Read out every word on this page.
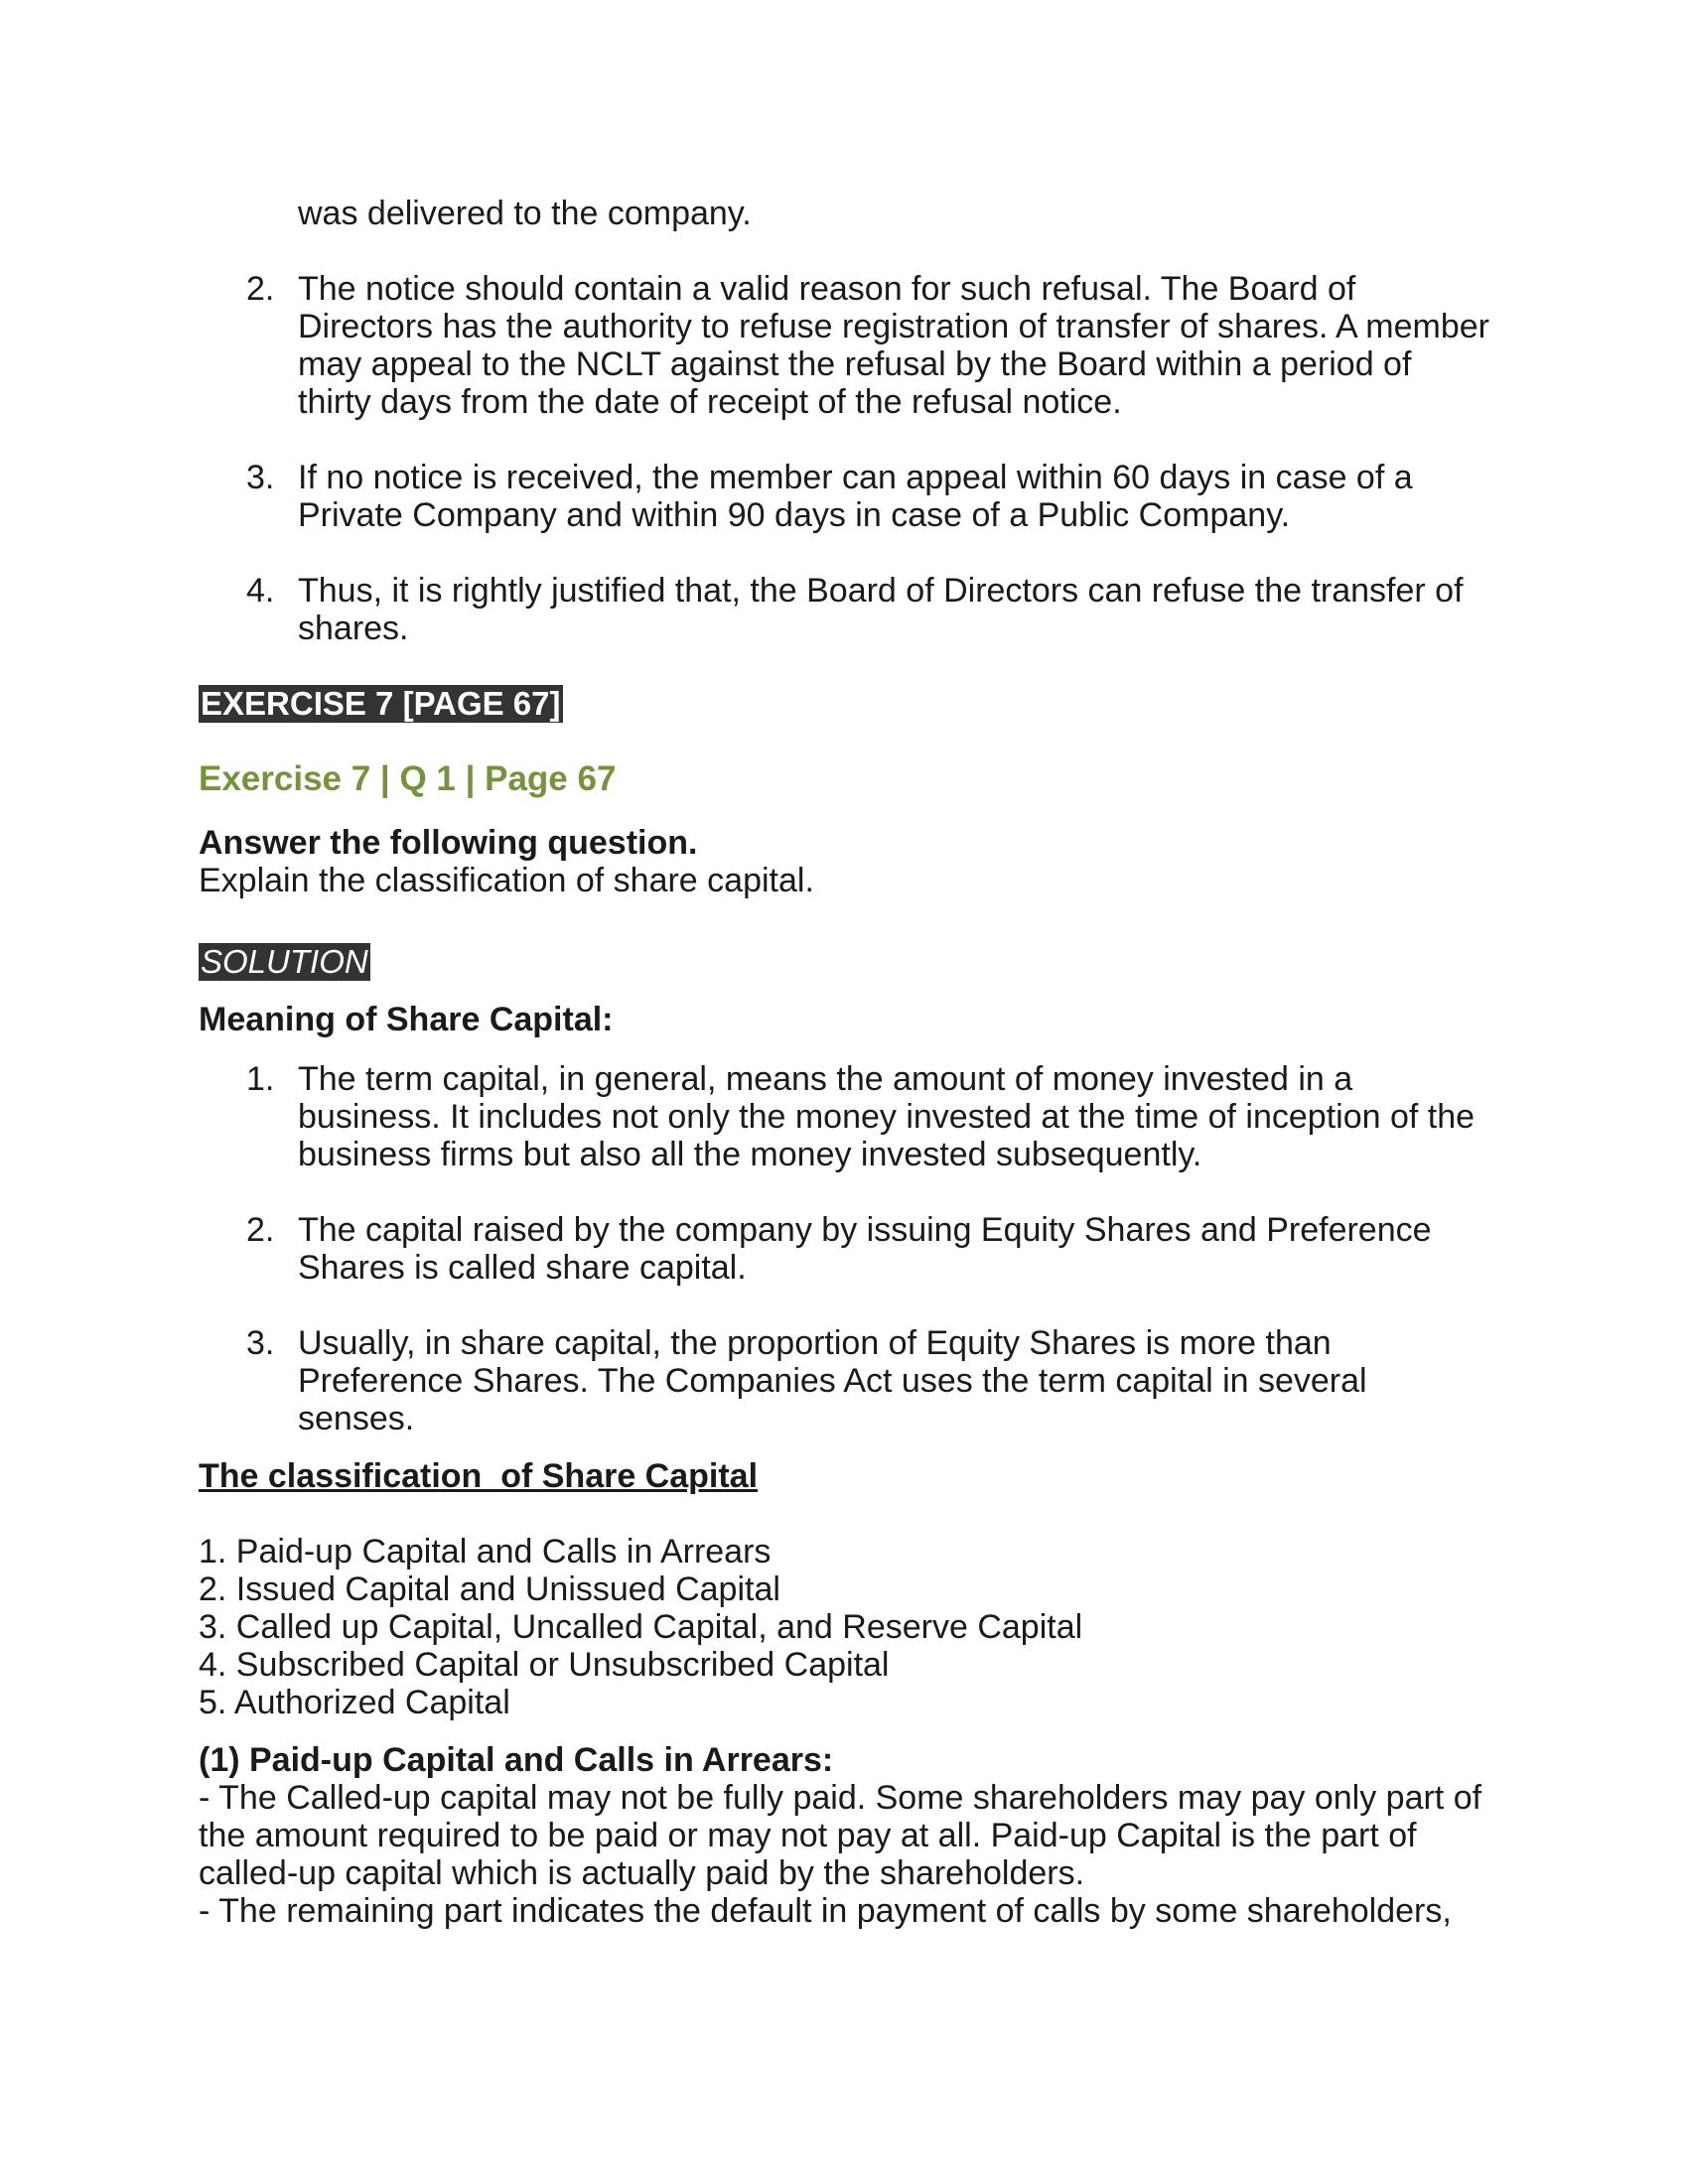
was delivered to the company.

2. The notice should contain a valid reason for such refusal. The Board of Directors has the authority to refuse registration of transfer of shares. A member may appeal to the NCLT against the refusal by the Board within a period of thirty days from the date of receipt of the refusal notice.
3. If no notice is received, the member can appeal within 60 days in case of a Private Company and within 90 days in case of a Public Company.
4. Thus, it is rightly justified that, the Board of Directors can refuse the transfer of shares.
EXERCISE 7 [PAGE 67]
Exercise 7 | Q 1 | Page 67
Answer the following question.
Explain the classification of share capital.
SOLUTION
Meaning of Share Capital:
1. The term capital, in general, means the amount of money invested in a business. It includes not only the money invested at the time of inception of the business firms but also all the money invested subsequently.
2. The capital raised by the company by issuing Equity Shares and Preference Shares is called share capital.
3. Usually, in share capital, the proportion of Equity Shares is more than Preference Shares. The Companies Act uses the term capital in several senses.
The classification  of Share Capital
1. Paid-up Capital and Calls in Arrears
2. Issued Capital and Unissued Capital
3. Called up Capital, Uncalled Capital, and Reserve Capital
4. Subscribed Capital or Unsubscribed Capital
5. Authorized Capital
(1) Paid-up Capital and Calls in Arrears:
- The Called-up capital may not be fully paid. Some shareholders may pay only part of the amount required to be paid or may not pay at all. Paid-up Capital is the part of called-up capital which is actually paid by the shareholders.
- The remaining part indicates the default in payment of calls by some shareholders,
